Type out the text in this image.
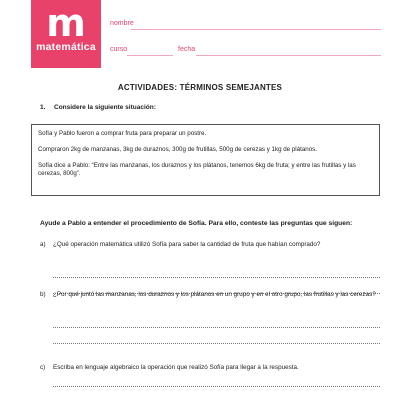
m
matemática
7º básico
nombre
curso	fecha
ACTIVIDADES: TÉRMINOS SEMEJANTES
1. Considere la siguiente situación:

Sofía y Pablo fueron a comprar fruta para preparar un postre.

Compraron 2kg de manzanas, 3kg de duraznos, 300g de frutillas, 500g de cerezas y 1kg de plátanos.

Sofía dice a Pablo: “Entre las manzanas, los duraznos y los plátanos, tenemos 6kg de fruta; y entre las frutillas y las cerezas, 800g”.

Ayude a Pablo a entender el procedimiento de Sofía. Para ello, conteste las preguntas que siguen:
a) ¿Qué operación matemática utilizó Sofía para saber la cantidad de fruta que habían comprado?
b) ¿Por qué juntó las manzanas, los duraznos y los plátanos en un grupo y en el otro grupo, las frutillas y las cerezas?
c) Escriba en lenguaje algebraico la operación que realizó Sofía para llegar a la respuesta.
